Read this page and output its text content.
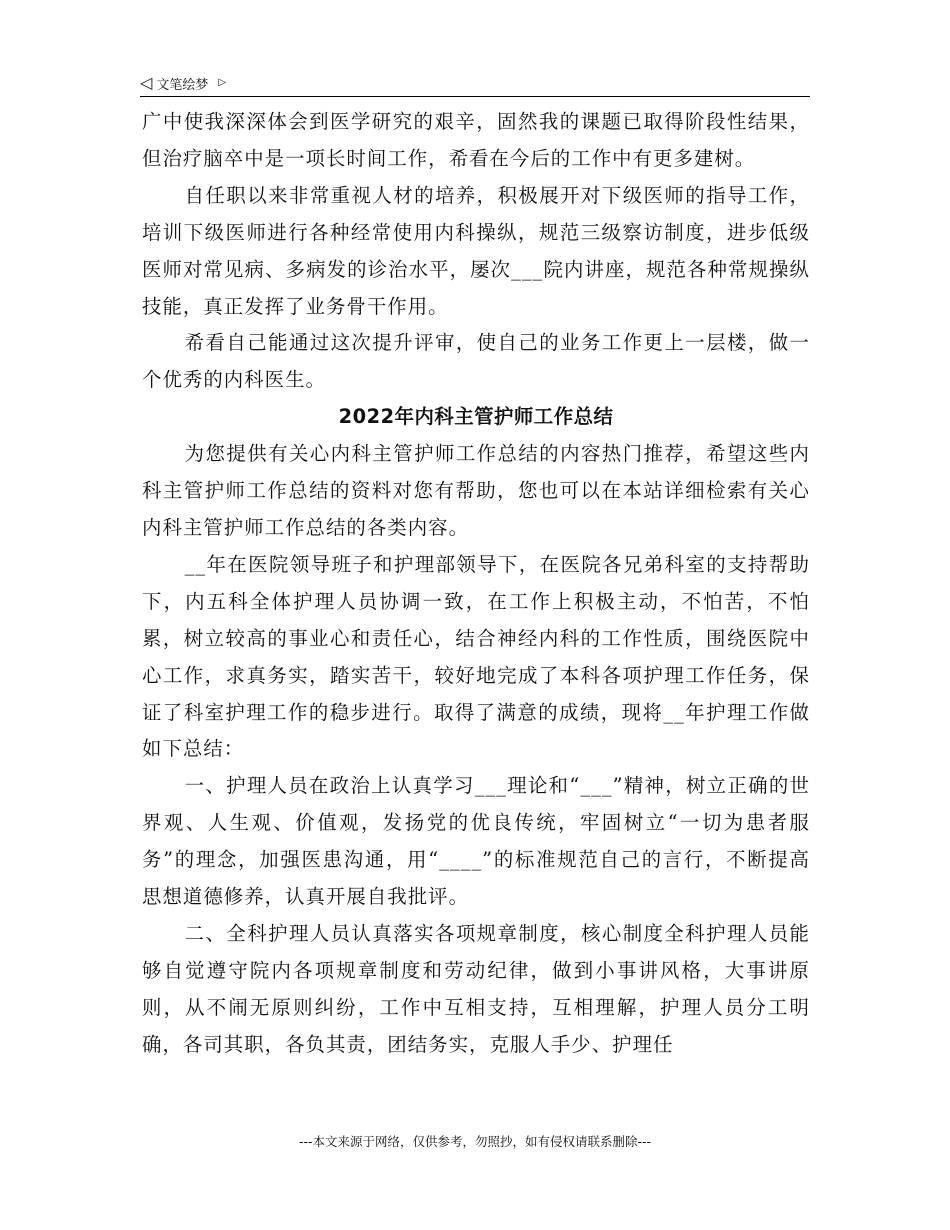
◁ 文笔绘梦 ▷

广中使我深深体会到医学研究的艰辛，固然我的课题已取得阶段性结果，但治疗脑卒中是一项长时间工作，希看在今后的工作中有更多建树。

自任职以来非常重视人材的培养，积极展开对下级医师的指导工作，培训下级医师进行各种经常使用内科操纵，规范三级察访制度，进步低级医师对常见病、多病发的诊治水平，屡次___院内讲座，规范各种常规操纵技能，真正发挥了业务骨干作用。

希看自己能通过这次提升评审，使自己的业务工作更上一层楼，做一个优秀的内科医生。

2022年内科主管护师工作总结

为您提供有关心内科主管护师工作总结的内容热门推荐，希望这些内科主管护师工作总结的资料对您有帮助，您也可以在本站详细检索有关心内科主管护师工作总结的各类内容。

__年在医院领导班子和护理部领导下，在医院各兄弟科室的支持帮助下，内五科全体护理人员协调一致，在工作上积极主动，不怕苦，不怕累，树立较高的事业心和责任心，结合神经内科的工作性质，围绕医院中心工作，求真务实，踏实苦干，较好地完成了本科各项护理工作任务，保证了科室护理工作的稳步进行。取得了满意的成绩，现将__年护理工作做如下总结：

一、护理人员在政治上认真学习___理论和“___”精神，树立正确的世界观、人生观、价值观，发扬党的优良传统，牢固树立“一切为患者服务”的理念，加强医患沟通，用“____”的标准规范自己的言行，不断提高思想道德修养，认真开展自我批评。

二、全科护理人员认真落实各项规章制度，核心制度全科护理人员能够自觉遵守院内各项规章制度和劳动纪律，做到小事讲风格，大事讲原则，从不闹无原则纠纷，工作中互相支持，互相理解，护理人员分工明确，各司其职，各负其责，团结务实，克服人手少、护理任

---本文来源于网络，仅供参考，勿照抄，如有侵权请联系删除---
